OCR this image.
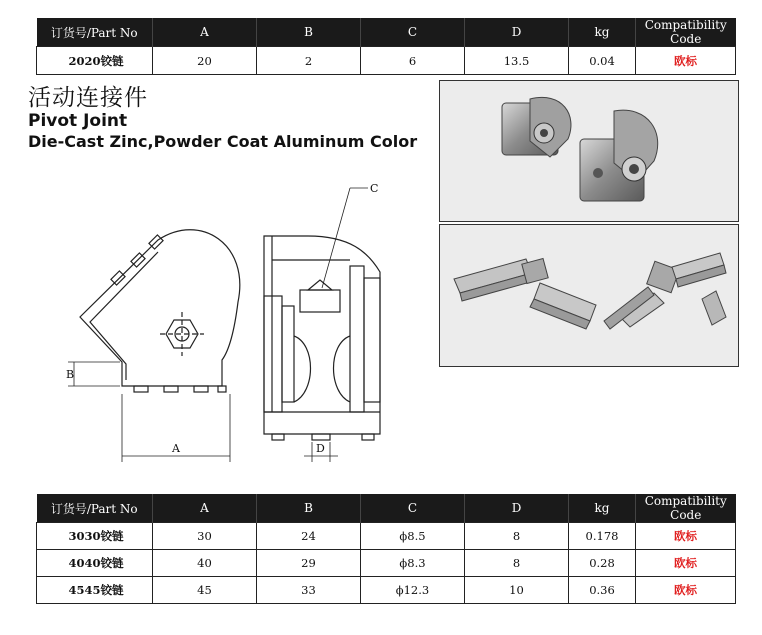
订货号/Part No	A	B	C	D	kg	Compatibility Code
2020铰链	20	2	6	13.5	0.04	欧标
活动连接件
Pivot Joint
Die-Cast Zinc,Powder Coat Aluminum Color
B
A
C
D
订货号/Part No	A	B	C	D	kg	Compatibility Code
3030铰链	30	24	ϕ8.5	8	0.178	欧标
4040铰链	40	29	ϕ8.3	8	0.28	欧标
4545铰链	45	33	ϕ12.3	10	0.36	欧标
